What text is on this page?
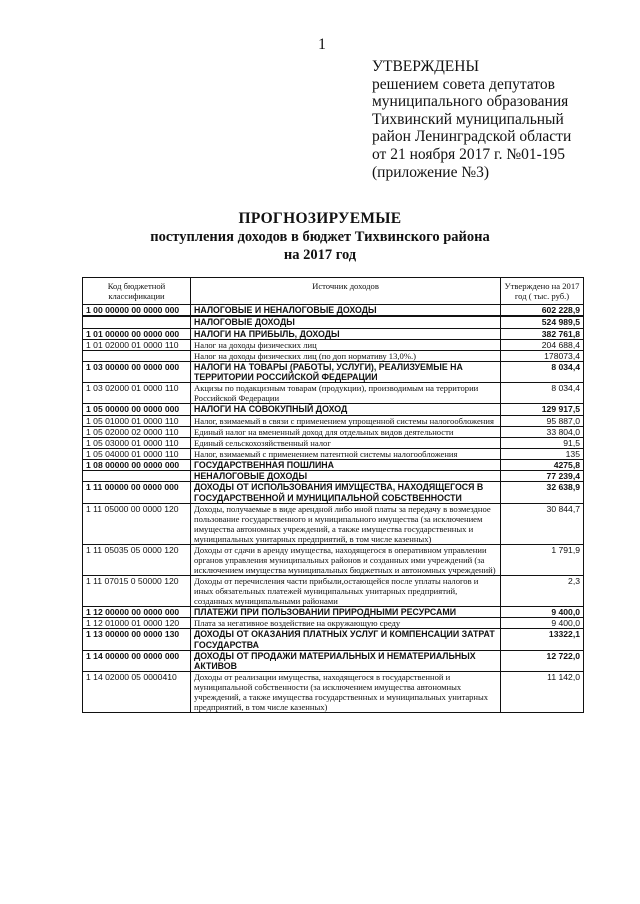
1
УТВЕРЖДЕНЫ
решением совета депутатов
муниципального образования
Тихвинский муниципальный
район Ленинградской области
от 21 ноября 2017 г. №01-195
(приложение №3)
ПРОГНОЗИРУЕМЫЕ
поступления доходов в бюджет Тихвинского района
на 2017 год
Код бюджетной классификации	Источник доходов	Утверждено на 2017 год ( тыс. руб.)
1 00 00000 00 0000 000	НАЛОГОВЫЕ И НЕНАЛОГОВЫЕ ДОХОДЫ	602 228,9
	НАЛОГОВЫЕ ДОХОДЫ	524 989,5
1 01 00000 00 0000 000	НАЛОГИ НА ПРИБЫЛЬ, ДОХОДЫ	382 761,8
1 01 02000 01 0000 110	Налог на доходы физических лиц	204 688,4
	Налог на доходы физических лиц (по доп нормативу 13,0%.)	178073,4
1 03 00000 00 0000 000	НАЛОГИ НА ТОВАРЫ (РАБОТЫ, УСЛУГИ), РЕАЛИЗУЕМЫЕ НА ТЕРРИТОРИИ РОССИЙСКОЙ ФЕДЕРАЦИИ	8 034,4
1 03 02000 01 0000 110	Акцизы по подакцизным товарам (продукции), производимым на территории Российской Федерации	8 034,4
1 05 00000 00 0000 000	НАЛОГИ НА СОВОКУПНЫЙ ДОХОД	129 917,5
1 05 01000 01 0000 110	Налог, взимаемый в связи с применением упрощенной системы налогообложения	95 887,0
1 05 02000 02 0000 110	Единый налог на вмененный доход для отдельных видов деятельности	33 804,0
1 05 03000 01 0000 110	Единый сельскохозяйственный налог	91,5
1 05 04000 01 0000 110	Налог, взимаемый с применением патентной системы налогообложения	135
1 08 00000 00 0000 000	ГОСУДАРСТВЕННАЯ ПОШЛИНА	4275,8
	НЕНАЛОГОВЫЕ ДОХОДЫ	77 239,4
1 11 00000 00 0000 000	ДОХОДЫ ОТ ИСПОЛЬЗОВАНИЯ ИМУЩЕСТВА, НАХОДЯЩЕГОСЯ В ГОСУДАРСТВЕННОЙ И МУНИЦИПАЛЬНОЙ СОБСТВЕННОСТИ	32 638,9
1 11 05000 00 0000 120	Доходы, получаемые в виде арендной либо иной платы за передачу в возмездное пользование государственного и муниципального имущества (за исключением имущества автономных учреждений, а также имущества государственных и муниципальных унитарных предприятий, в том числе казенных)	30 844,7
1 11 05035 05 0000 120	Доходы от сдачи в аренду имущества, находящегося в оперативном управлении органов управления муниципальных районов и созданных ими учреждений (за исключением имущества муниципальных бюджетных и автономных учреждений)	1 791,9
1 11 07015 0 50000 120	Доходы от перечисления части прибыли,остающейся после уплаты налогов и иных обязательных платежей муниципальных унитарных предприятий, созданных муниципальными районами	2,3
1 12 00000 00 0000 000	ПЛАТЕЖИ ПРИ ПОЛЬЗОВАНИИ ПРИРОДНЫМИ РЕСУРСАМИ	9 400,0
1 12 01000 01 0000 120	Плата за негативное воздействие на окружающую среду	9 400,0
1 13 00000 00 0000 130	ДОХОДЫ ОТ ОКАЗАНИЯ ПЛАТНЫХ УСЛУГ И КОМПЕНСАЦИИ ЗАТРАТ ГОСУДАРСТВА	13322,1
1 14 00000 00 0000 000	ДОХОДЫ ОТ ПРОДАЖИ МАТЕРИАЛЬНЫХ И НЕМАТЕРИАЛЬНЫХ АКТИВОВ	12 722,0
1 14 02000 05 0000410	Доходы от реализации имущества, находящегося в государственной и муниципальной собственности (за исключением имущества автономных учреждений, а также имущества государственных и муниципальных унитарных предприятий, в том числе казенных)	11 142,0
